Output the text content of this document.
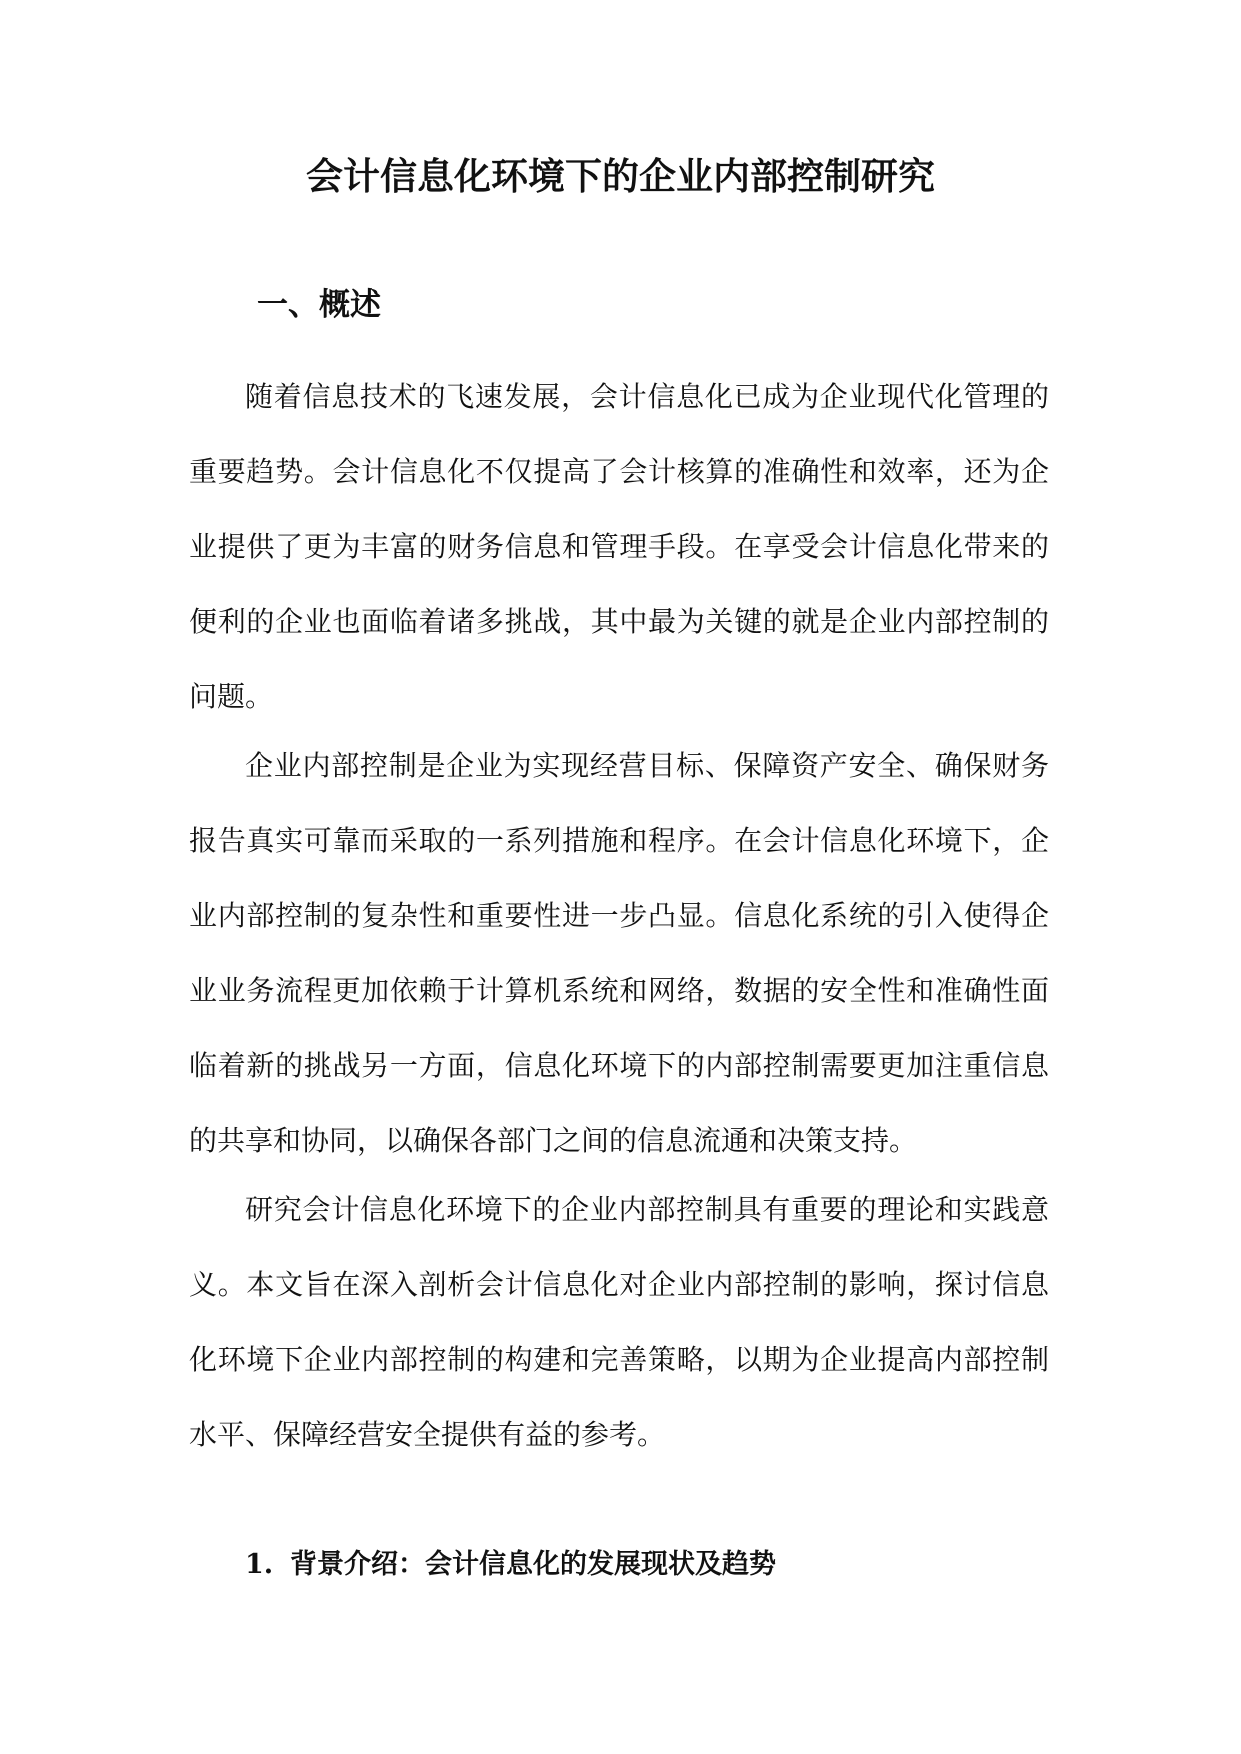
会计信息化环境下的企业内部控制研究
一、概述

随着信息技术的飞速发展，会计信息化已成为企业现代化管理的重要趋势。会计信息化不仅提高了会计核算的准确性和效率，还为企业提供了更为丰富的财务信息和管理手段。在享受会计信息化带来的便利的企业也面临着诸多挑战，其中最为关键的就是企业内部控制的问题。

企业内部控制是企业为实现经营目标、保障资产安全、确保财务报告真实可靠而采取的一系列措施和程序。在会计信息化环境下，企业内部控制的复杂性和重要性进一步凸显。信息化系统的引入使得企业业务流程更加依赖于计算机系统和网络，数据的安全性和准确性面临着新的挑战另一方面，信息化环境下的内部控制需要更加注重信息的共享和协同，以确保各部门之间的信息流通和决策支持。

研究会计信息化环境下的企业内部控制具有重要的理论和实践意义。本文旨在深入剖析会计信息化对企业内部控制的影响，探讨信息化环境下企业内部控制的构建和完善策略，以期为企业提高内部控制水平、保障经营安全提供有益的参考。

1. 背景介绍：会计信息化的发展现状及趋势
